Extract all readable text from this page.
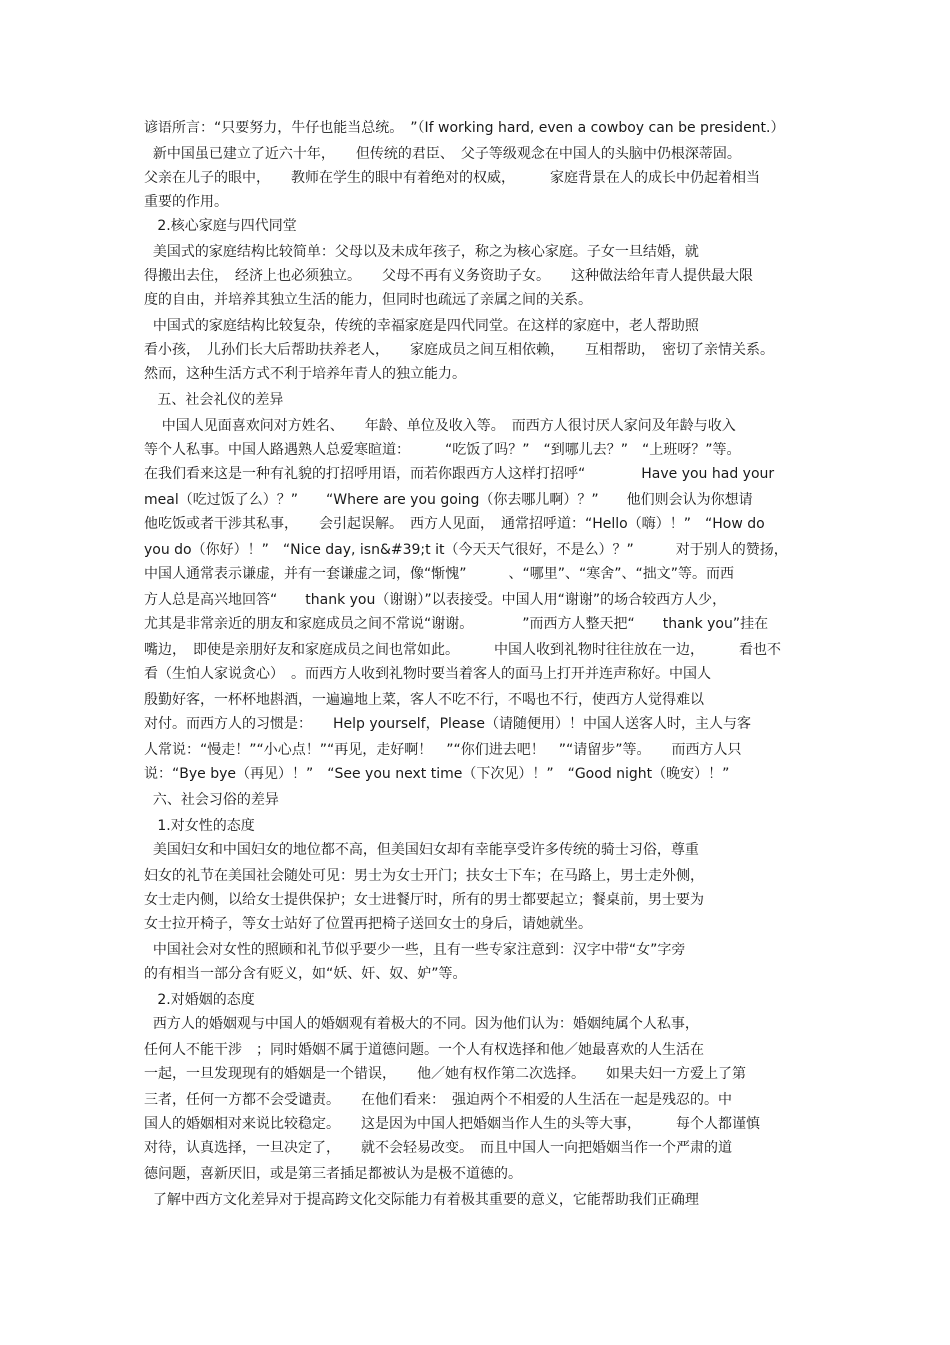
谚语所言：“只要努力，牛仔也能当总统。　”（If working hard, even a cowboy can be president.）

新中国虽已建立了近六十年，　　但传统的君臣、　父子等级观念在中国人的头脑中仍根深蒂固。

父亲在儿子的眼中，　　教师在学生的眼中有着绝对的权威，　　　家庭背景在人的成长中仍起着相当

重要的作用。

2.核心家庭与四代同堂

美国式的家庭结构比较简单：父母以及未成年孩子，称之为核心家庭。子女一旦结婚，就

得搬出去住，　经济上也必须独立。　　父母不再有义务资助子女。　　这种做法给年青人提供最大限

度的自由，并培养其独立生活的能力，但同时也疏远了亲属之间的关系。

中国式的家庭结构比较复杂，传统的幸福家庭是四代同堂。在这样的家庭中，老人帮助照

看小孩，　儿孙们长大后帮助扶养老人，　　家庭成员之间互相依赖，　　互相帮助，　密切了亲情关系。

然而，这种生活方式不利于培养年青人的独立能力。

五、社会礼仪的差异

中国人见面喜欢问对方姓名、　　年龄、单位及收入等。　而西方人很讨厌人家问及年龄与收入

等个人私事。中国人路遇熟人总爱寒暄道：　　　“吃饭了吗？”　“到哪儿去？”　“上班呀？”等。

在我们看来这是一种有礼貌的打招呼用语，而若你跟西方人这样打招呼“　　　　Have you had your

meal（吃过饭了么）？”　　“Where are you going（你去哪儿啊）？”　　他们则会认为你想请

他吃饭或者干涉其私事，　　会引起误解。　西方人见面，　通常招呼道：“Hello（嗨）！”　“How do

you do（你好）！”　“Nice day, isn&#39;t it（今天天气很好，不是么）？”　　　对于别人的赞扬，

中国人通常表示谦虚，并有一套谦虚之词，像“惭愧”　　　、“哪里”、“寒舍”、“拙文”等。而西

方人总是高兴地回答“　　thank you（谢谢）”以表接受。中国人用“谢谢”的场合较西方人少，

尤其是非常亲近的朋友和家庭成员之间不常说“谢谢。　　　　”而西方人整天把“　　thank you”挂在

嘴边，　即使是亲朋好友和家庭成员之间也常如此。　　　中国人收到礼物时往往放在一边，　　　看也不

看（生怕人家说贪心）　。而西方人收到礼物时要当着客人的面马上打开并连声称好。中国人

殷勤好客，一杯杯地斟酒，一遍遍地上菜，客人不吃不行，不喝也不行，使西方人觉得难以

对付。而西方人的习惯是：　　Help yourself，Please（请随便用）！中国人送客人时，主人与客

人常说：“慢走！”“小心点！”“再见，走好啊！　”“你们进去吧！　”“请留步”等。　　而西方人只

说：“Bye bye（再见）！”　“See you next time（下次见）！”　“Good night（晚安）！”

六、社会习俗的差异

1.对女性的态度

美国妇女和中国妇女的地位都不高，但美国妇女却有幸能享受许多传统的骑士习俗，尊重

妇女的礼节在美国社会随处可见：男士为女士开门；扶女士下车；在马路上，男士走外侧，

女士走内侧，以给女士提供保护；女士进餐厅时，所有的男士都要起立；餐桌前，男士要为

女士拉开椅子，等女士站好了位置再把椅子送回女士的身后，请她就坐。

中国社会对女性的照顾和礼节似乎要少一些，且有一些专家注意到：汉字中带“女”字旁

的有相当一部分含有贬义，如“妖、奸、奴、妒”等。

2.对婚姻的态度

西方人的婚姻观与中国人的婚姻观有着极大的不同。因为他们认为：婚姻纯属个人私事，

任何人不能干涉　；同时婚姻不属于道德问题。一个人有权选择和他／她最喜欢的人生活在

一起，一旦发现现有的婚姻是一个错误，　　他／她有权作第二次选择。　　如果夫妇一方爱上了第

三者，任何一方都不会受谴责。　　在他们看来：　强迫两个不相爱的人生活在一起是残忍的。中

国人的婚姻相对来说比较稳定。　　这是因为中国人把婚姻当作人生的头等大事，　　　每个人都谨慎

对待，认真选择，一旦决定了，　　就不会轻易改变。　而且中国人一向把婚姻当作一个严肃的道

德问题，喜新厌旧，或是第三者插足都被认为是极不道德的。

了解中西方文化差异对于提高跨文化交际能力有着极其重要的意义，它能帮助我们正确理
